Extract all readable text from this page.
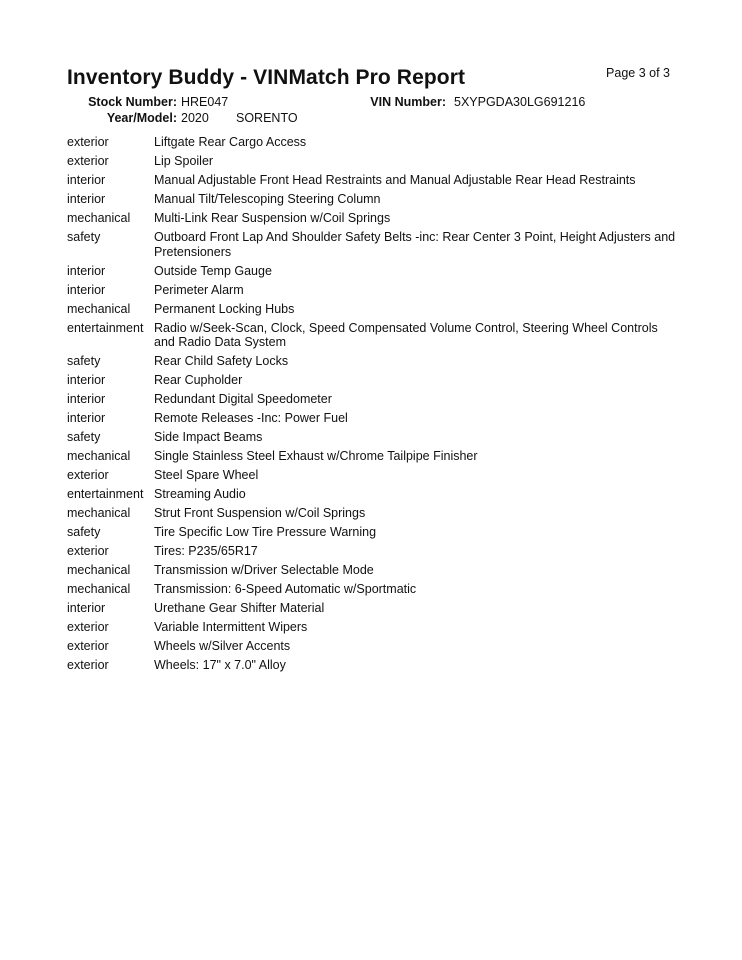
Inventory Buddy - VINMatch Pro Report	Page 3 of 3
Stock Number: HRE047	VIN Number: 5XYPGDA30LG691216
Year/Model: 2020 SORENTO
exterior	Liftgate Rear Cargo Access
exterior	Lip Spoiler
interior	Manual Adjustable Front Head Restraints and Manual Adjustable Rear Head Restraints
interior	Manual Tilt/Telescoping Steering Column
mechanical	Multi-Link Rear Suspension w/Coil Springs
safety	Outboard Front Lap And Shoulder Safety Belts -inc: Rear Center 3 Point, Height Adjusters and Pretensioners
interior	Outside Temp Gauge
interior	Perimeter Alarm
mechanical	Permanent Locking Hubs
entertainment Radio w/Seek-Scan, Clock, Speed Compensated Volume Control, Steering Wheel Controls and Radio Data System
safety	Rear Child Safety Locks
interior	Rear Cupholder
interior	Redundant Digital Speedometer
interior	Remote Releases -Inc: Power Fuel
safety	Side Impact Beams
mechanical	Single Stainless Steel Exhaust w/Chrome Tailpipe Finisher
exterior	Steel Spare Wheel
entertainment Streaming Audio
mechanical	Strut Front Suspension w/Coil Springs
safety	Tire Specific Low Tire Pressure Warning
exterior	Tires: P235/65R17
mechanical	Transmission w/Driver Selectable Mode
mechanical	Transmission: 6-Speed Automatic w/Sportmatic
interior	Urethane Gear Shifter Material
exterior	Variable Intermittent Wipers
exterior	Wheels w/Silver Accents
exterior	Wheels: 17" x 7.0" Alloy
